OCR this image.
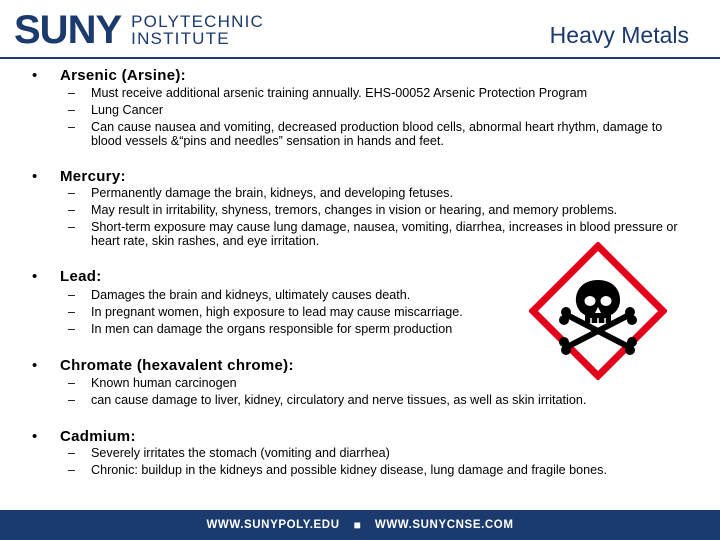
SUNY POLYTECHNIC
INSTITUTE	Heavy Metals
• Arsenic (Arsine):
– Must receive additional arsenic training annually. EHS-00052 Arsenic Protection Program
– Lung Cancer
– Can cause nausea and vomiting, decreased production blood cells, abnormal heart rhythm, damage to blood vessels &“pins and needles” sensation in hands and feet.
• Mercury:
– Permanently damage the brain, kidneys, and developing fetuses.
– May result in irritability, shyness, tremors, changes in vision or hearing, and memory problems.
– Short-term exposure may cause lung damage, nausea, vomiting, diarrhea, increases in blood pressure or heart rate, skin rashes, and eye irritation.
• Lead:
– Damages the brain and kidneys, ultimately causes death.
– In pregnant women, high exposure to lead may cause miscarriage.
– In men can damage the organs responsible for sperm production
• Chromate (hexavalent chrome):
– Known human carcinogen
– can cause damage to liver, kidney, circulatory and nerve tissues, as well as skin irritation.
• Cadmium:
– Severely irritates the stomach (vomiting and diarrhea)
– Chronic: buildup in the kidneys and possible kidney disease, lung damage and fragile bones.
WWW.SUNYPOLY.EDU ■ WWW.SUNYCNSE.COM
